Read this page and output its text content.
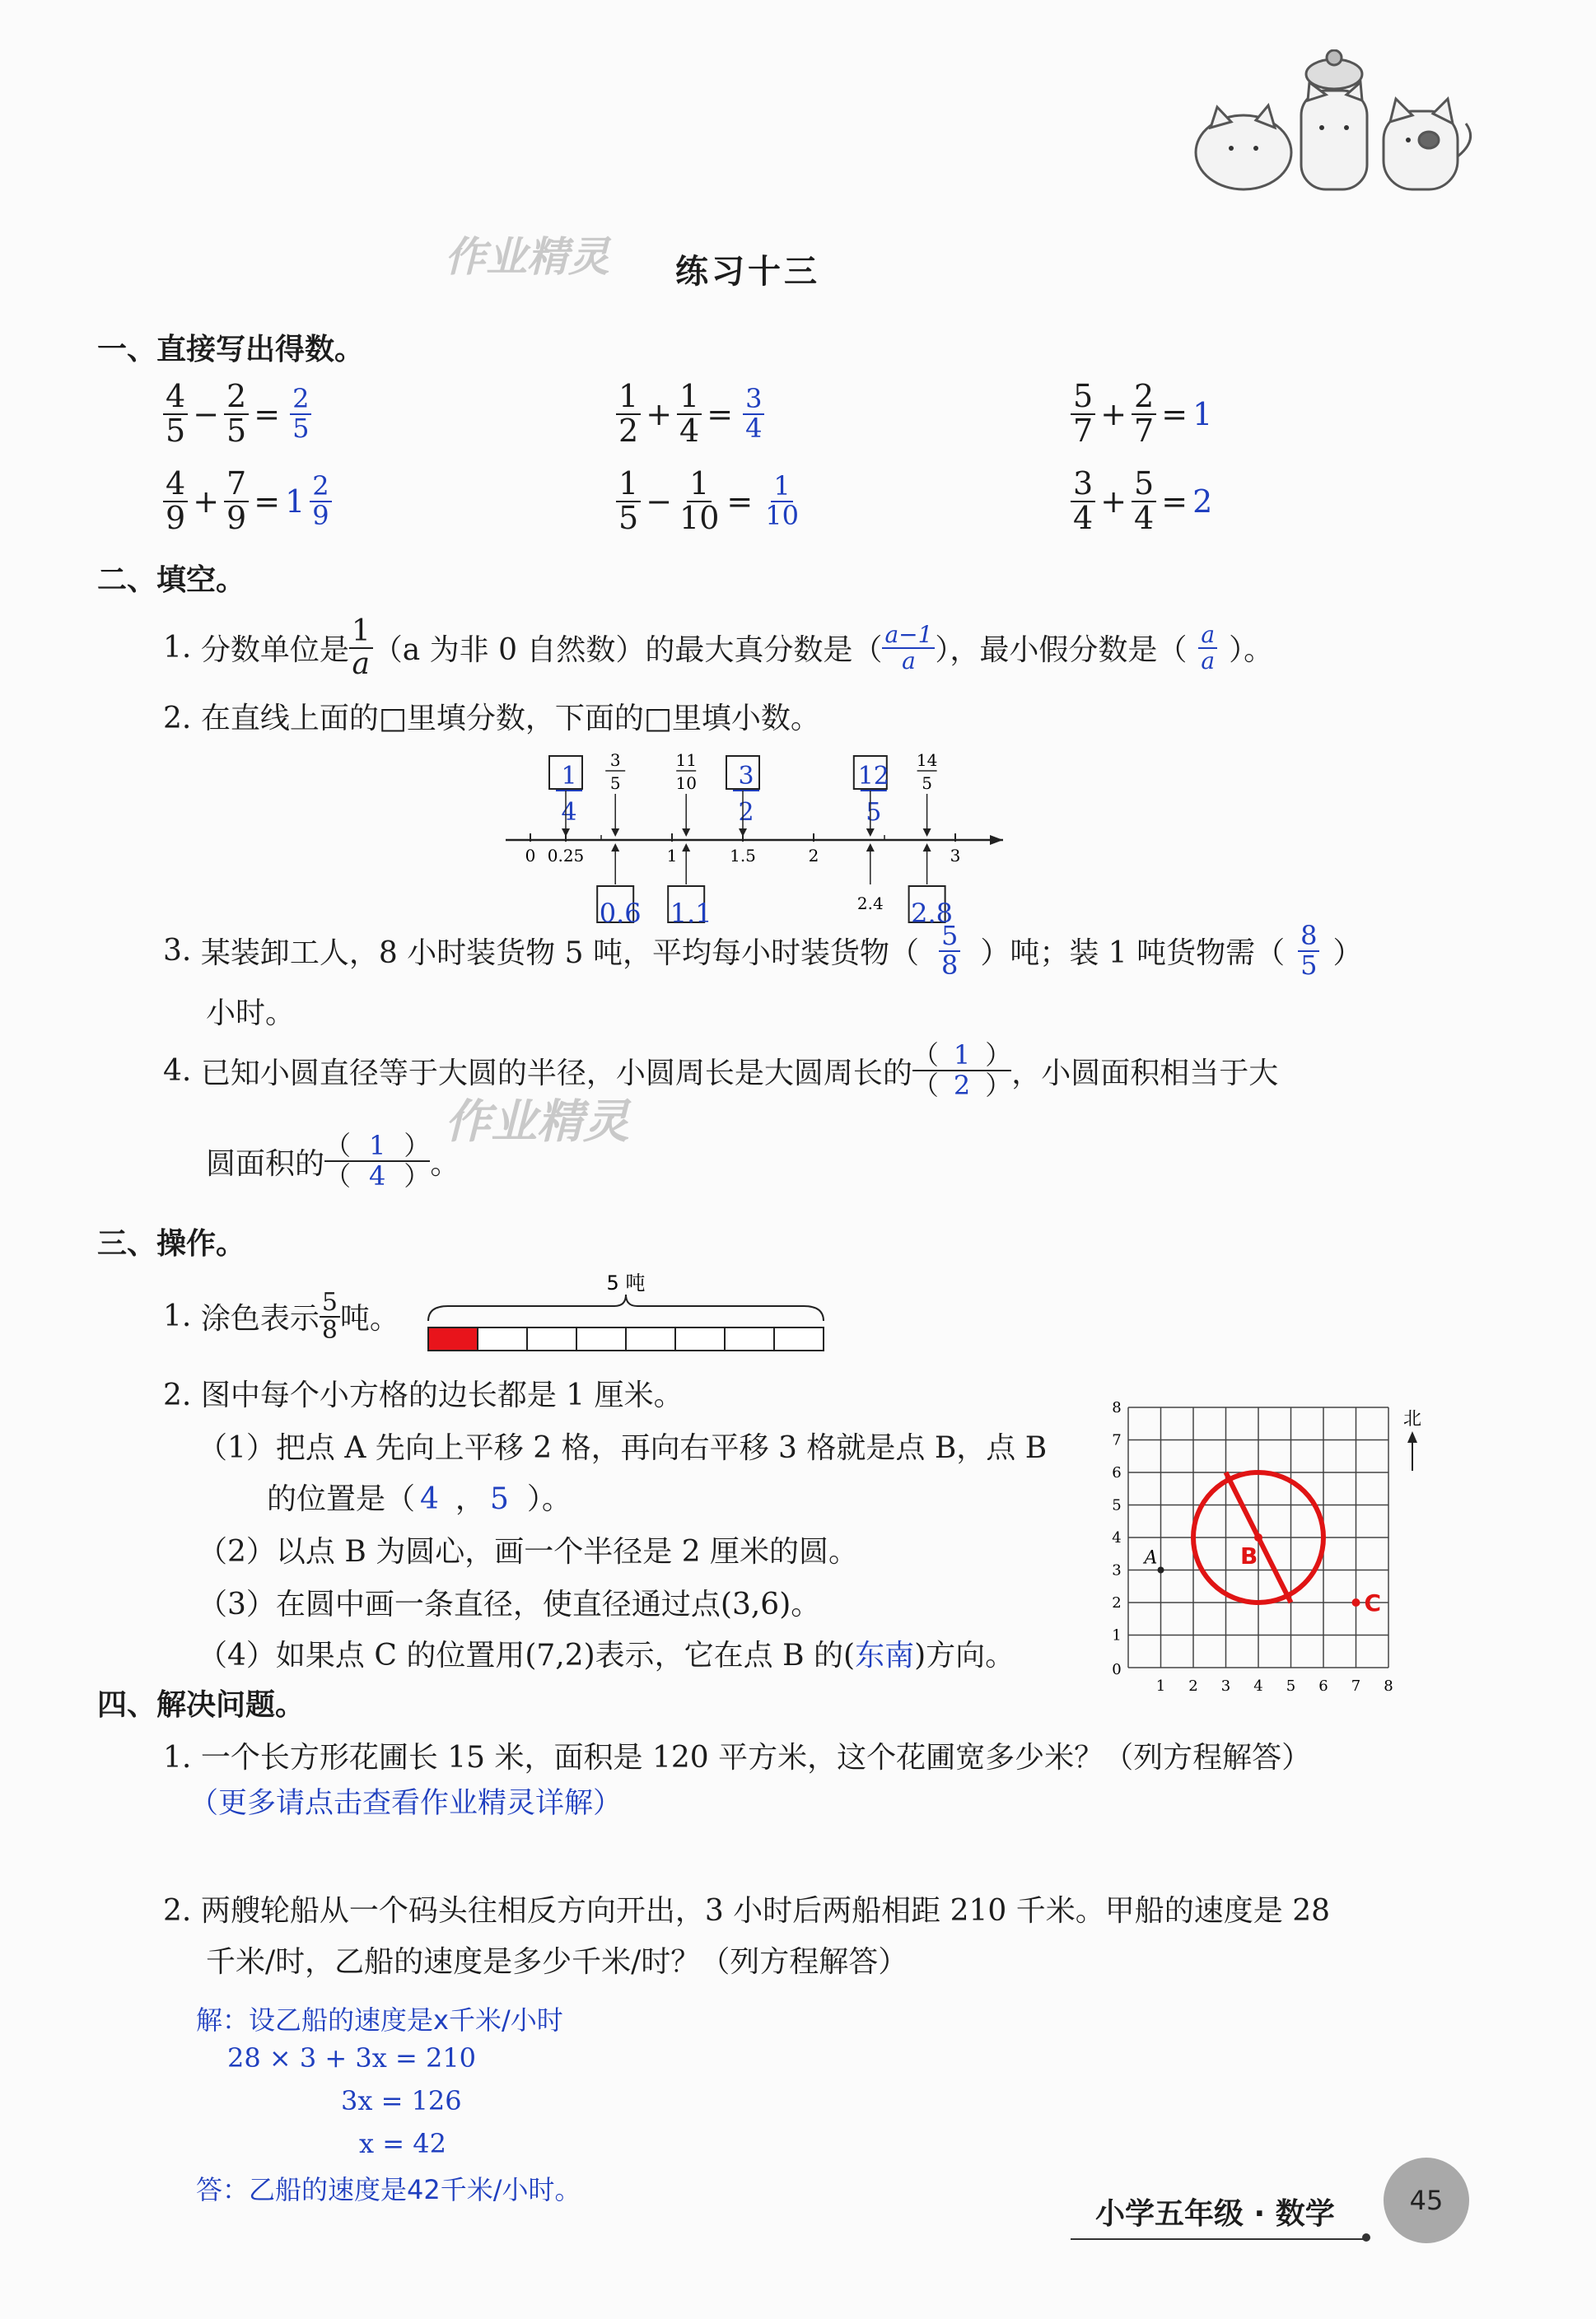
作业精灵 练习十三
一、直接写出得数。
$\frac{4}{5} - \frac{2}{5} = \frac{2}{5}$	$\frac{1}{2} + \frac{1}{4} = \frac{3}{4}$	$\frac{5}{7} + \frac{2}{7} = 1$
$\frac{4}{9} + \frac{7}{9} = 1 \frac{2}{9}$	$\frac{1}{5} - \frac{1}{10} = \frac{1}{10}$	$\frac{3}{4} + \frac{5}{4} = 2$
二、填空。
1.
分数单位是 $\frac{1}{a} (a$ 为非 0 自然数）的最大真分数是（ $\frac{a-1}{a}$ ），最小假分数是（ $\frac{a}{a}$ ）。
2. 在直线上面的□里填分数，下面的□里填小数。
0 0.25	1	1.5	2	3
3
5
11
10
14
5
1
4
3
2
12
5
2.4
0.6 1.1	2.8
3.
某装卸工人，8 小时装货物 5 吨，平均每小时装货物（ $\frac{5}{8}$ ）吨；装 1 吨货物需（ $\frac{8}{5}$ ）
小时。
4.
已知小圆直径等于大圆的半径，小圆周长是大圆周长的
（ 1 ）
（ 2 ） ，小圆面积相当于大
作业精灵
圆面积的
（ 1 ）
（ 4 ） 。
三、操作。
1.
涂色表示 $\frac{5}{8}$ 吨。
5 吨
2. 图中每个小方格的边长都是 1 厘米。
（1）把点 A 先向上平移 2 格，再向右平移 3 格就是点 B，点 B
的位置是（ 4 ， 5 ）。
（2）以点 B 为圆心，画一个半径是 2 厘米的圆。
（3）在圆中画一条直径，使直径通过点(3,6)。
（4）如果点 C 的位置用(7,2)表示，它在点 B 的(东南)方向。	0
1 2 3 4 5 6 7 8
1
2
3
4
5
6
7
8
北
A	B
C
四、解决问题。
1. 一个长方形花圃长 15 米，面积是 120 平方米，这个花圃宽多少米？（列方程解答）
（更多请点击查看作业精灵详解）
2. 两艘轮船从一个码头往相反方向开出，3 小时后两船相距 210 千米。甲船的速度是 28
千米/时，乙船的速度是多少千米/时？（列方程解答）
解：设乙船的速度是x千米/小时
28 × 3 + 3x = 210
3x = 126
x = 42
答：乙船的速度是42千米/小时。
小学五年级 · 数学	45
